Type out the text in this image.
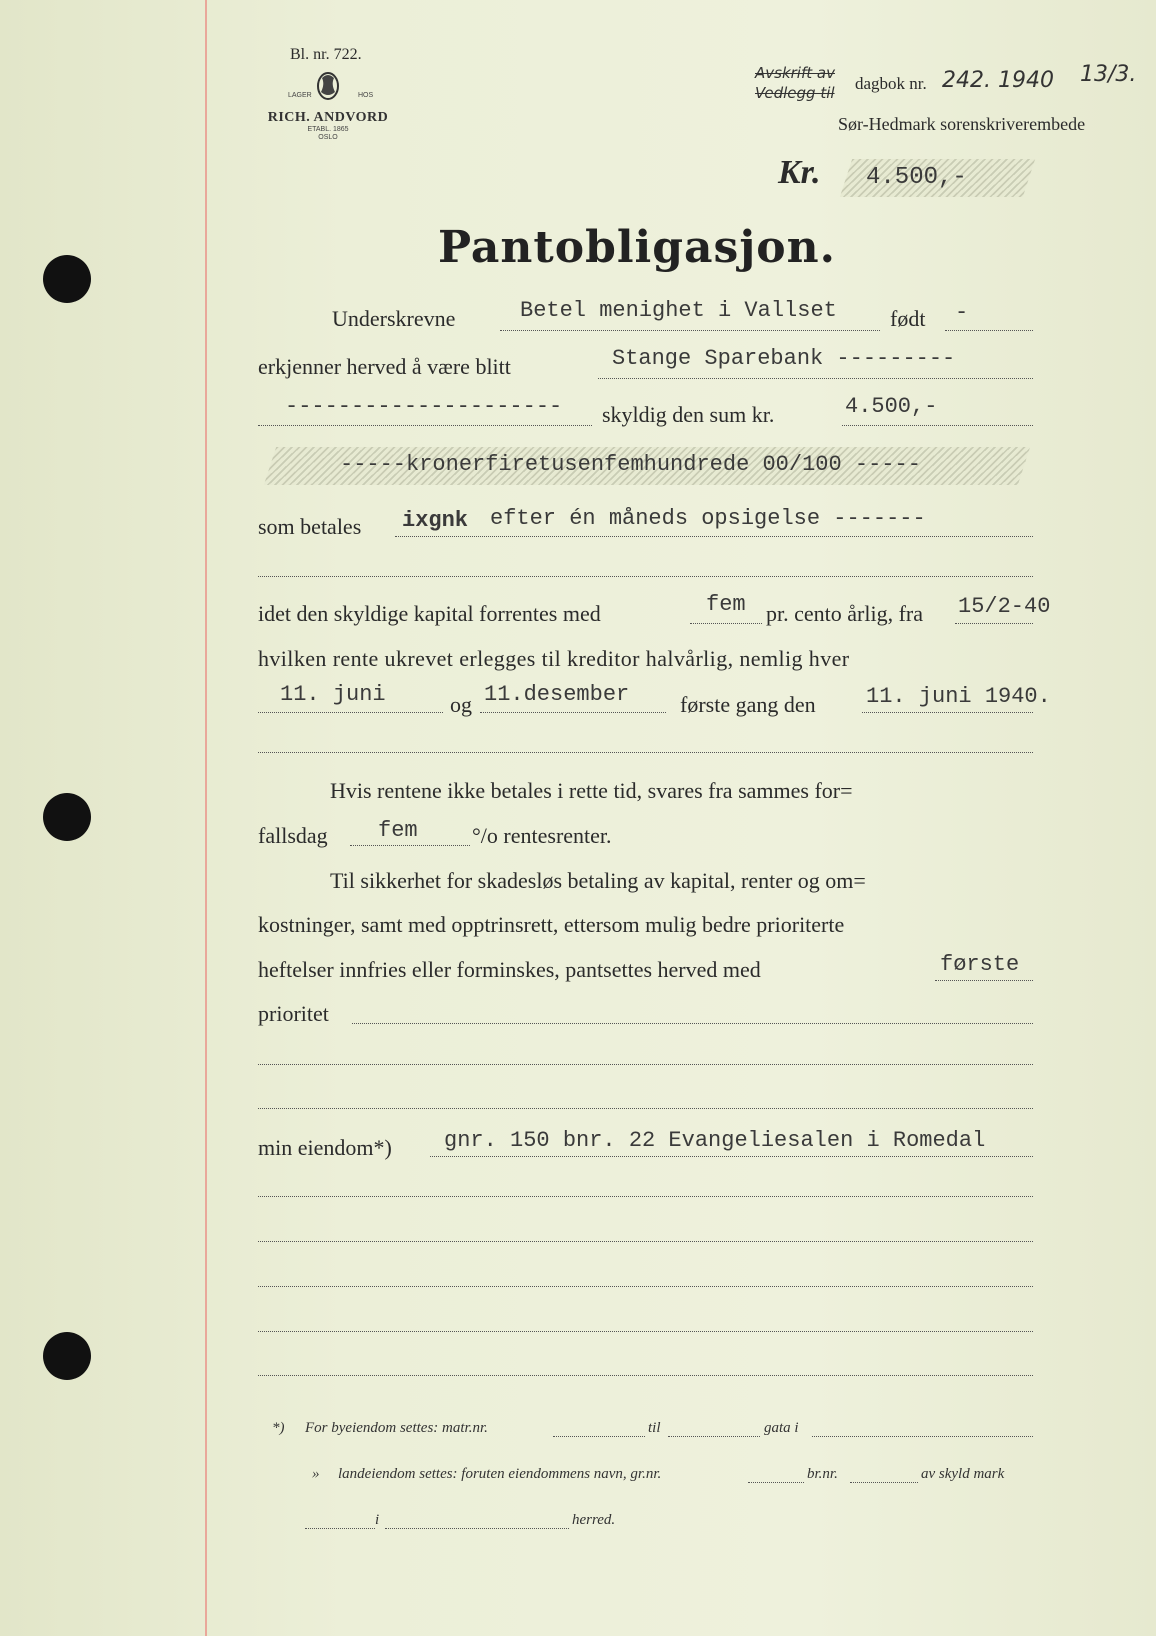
Bl. nr. 722.
LAGER	HOS
RICH. ANDVORD
ETABL. 1865
OSLO
Avskrift av
Vedlegg til dagbok nr. 242. 1940 13/3.
Sør-Hedmark sorenskriverembede
Kr. 4.500,-
Pantobligasjon.
Underskrevne	Betel menighet i Vallset født -
erkjenner herved å være blitt	Stange Sparebank ---------
--------------------- skyldig den sum kr.	4.500,-
-----kronerfiretusenfemhundrede 00/100 -----
som betales ixgnk efter én måneds opsigelse -------
idet den skyldige kapital forrentes med	fem pr. cento årlig, fra 15/2-40
hvilken rente ukrevet erlegges til kreditor halvårlig, nemlig hver
11. juni	og 11.desember første gang den 11. juni 1940.
Hvis rentene ikke betales i rette tid, svares fra sammes for=
fallsdag fem °/o rentesrenter.
Til sikkerhet for skadesløs betaling av kapital, renter og om=
kostninger, samt med opptrinsrett, ettersom mulig bedre prioriterte
heftelser innfries eller forminskes, pantsettes herved med	første
prioritet
min eiendom*) gnr. 150 bnr. 22 Evangeliesalen i Romedal
*) For byeiendom settes: matr.nr.	til	gata i
» landeiendom settes: foruten eiendommens navn, gr.nr.	br.nr.	av skyld mark
i	herred.
